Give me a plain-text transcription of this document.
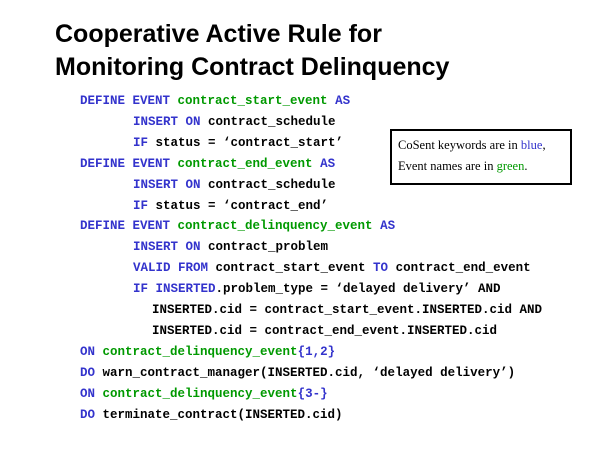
Cooperative Active Rule for
Monitoring Contract Delinquency
DEFINE EVENT contract_start_event AS
INSERT ON contract_schedule
IF status = ‘contract_start’
DEFINE EVENT contract_end_event AS
INSERT ON contract_schedule
IF status = ‘contract_end’
DEFINE EVENT contract_delinquency_event AS
INSERT ON contract_problem
VALID FROM contract_start_event TO contract_end_event
IF INSERTED.problem_type = ‘delayed delivery’ AND
INSERTED.cid = contract_start_event.INSERTED.cid AND
INSERTED.cid = contract_end_event.INSERTED.cid
ON contract_delinquency_event{1,2}
DO warn_contract_manager(INSERTED.cid, ‘delayed delivery’)
ON contract_delinquency_event{3-}
DO terminate_contract(INSERTED.cid)
CoSent keywords are in blue,
Event names are in green.
